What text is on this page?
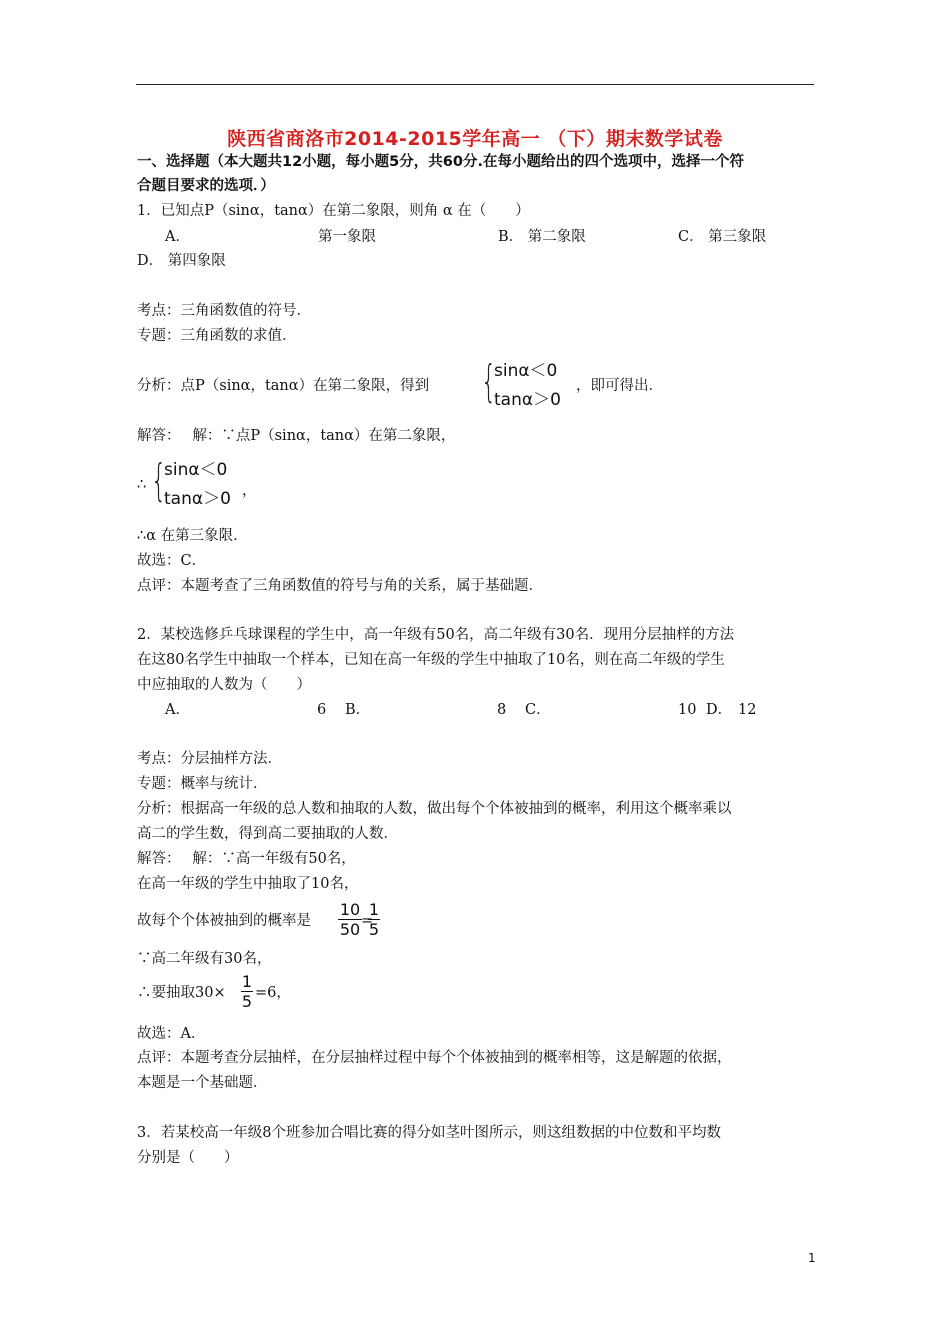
陕西省商洛市2014-2015学年高一 （下）期末数学试卷
一、选择题（本大题共12小题，每小题5分，共60分.在每小题给出的四个选项中，选择一个符
合题目要求的选项．）
1．已知点P（sinα，tanα）在第二象限，则角 α 在（　　）
A．	第一象限	B． 第二象限	C． 第三象限
D． 第四象限
考点：三角函数值的符号．
专题：三角函数的求值．
分析：点P（sinα，tanα）在第二象限，得到 {
sinα＜0
tanα＞0
，即可得出．
解答：　 解：∵点P（sinα，tanα）在第二象限，
∴ {
sinα＜0
tanα＞0 ，
∴α 在第三象限．
故选：C．
点评：本题考查了三角函数值的符号与角的关系，属于基础题．
2．某校选修乒乓球课程的学生中，高一年级有50名，高二年级有30名．现用分层抽样的方法
在这80名学生中抽取一个样本，已知在高一年级的学生中抽取了10名，则在高二年级的学生
中应抽取的人数为（　　）
A．	6 B．	8 C．	10 D． 12
考点：分层抽样方法．
专题：概率与统计．
分析：根据高一年级的总人数和抽取的人数，做出每个个体被抽到的概率，利用这个概率乘以
高二的学生数，得到高二要抽取的人数．
解答：　 解：∵高一年级有50名，
在高一年级的学生中抽取了10名，
故每个个体被抽到的概率是
10
50 =
1
5
∵高二年级有30名，
∴要抽取30×
1
5 =6，
故选：A．
点评：本题考查分层抽样，在分层抽样过程中每个个体被抽到的概率相等，这是解题的依据，
本题是一个基础题．
3．若某校高一年级8个班参加合唱比赛的得分如茎叶图所示，则这组数据的中位数和平均数
分别是（　　）
1
